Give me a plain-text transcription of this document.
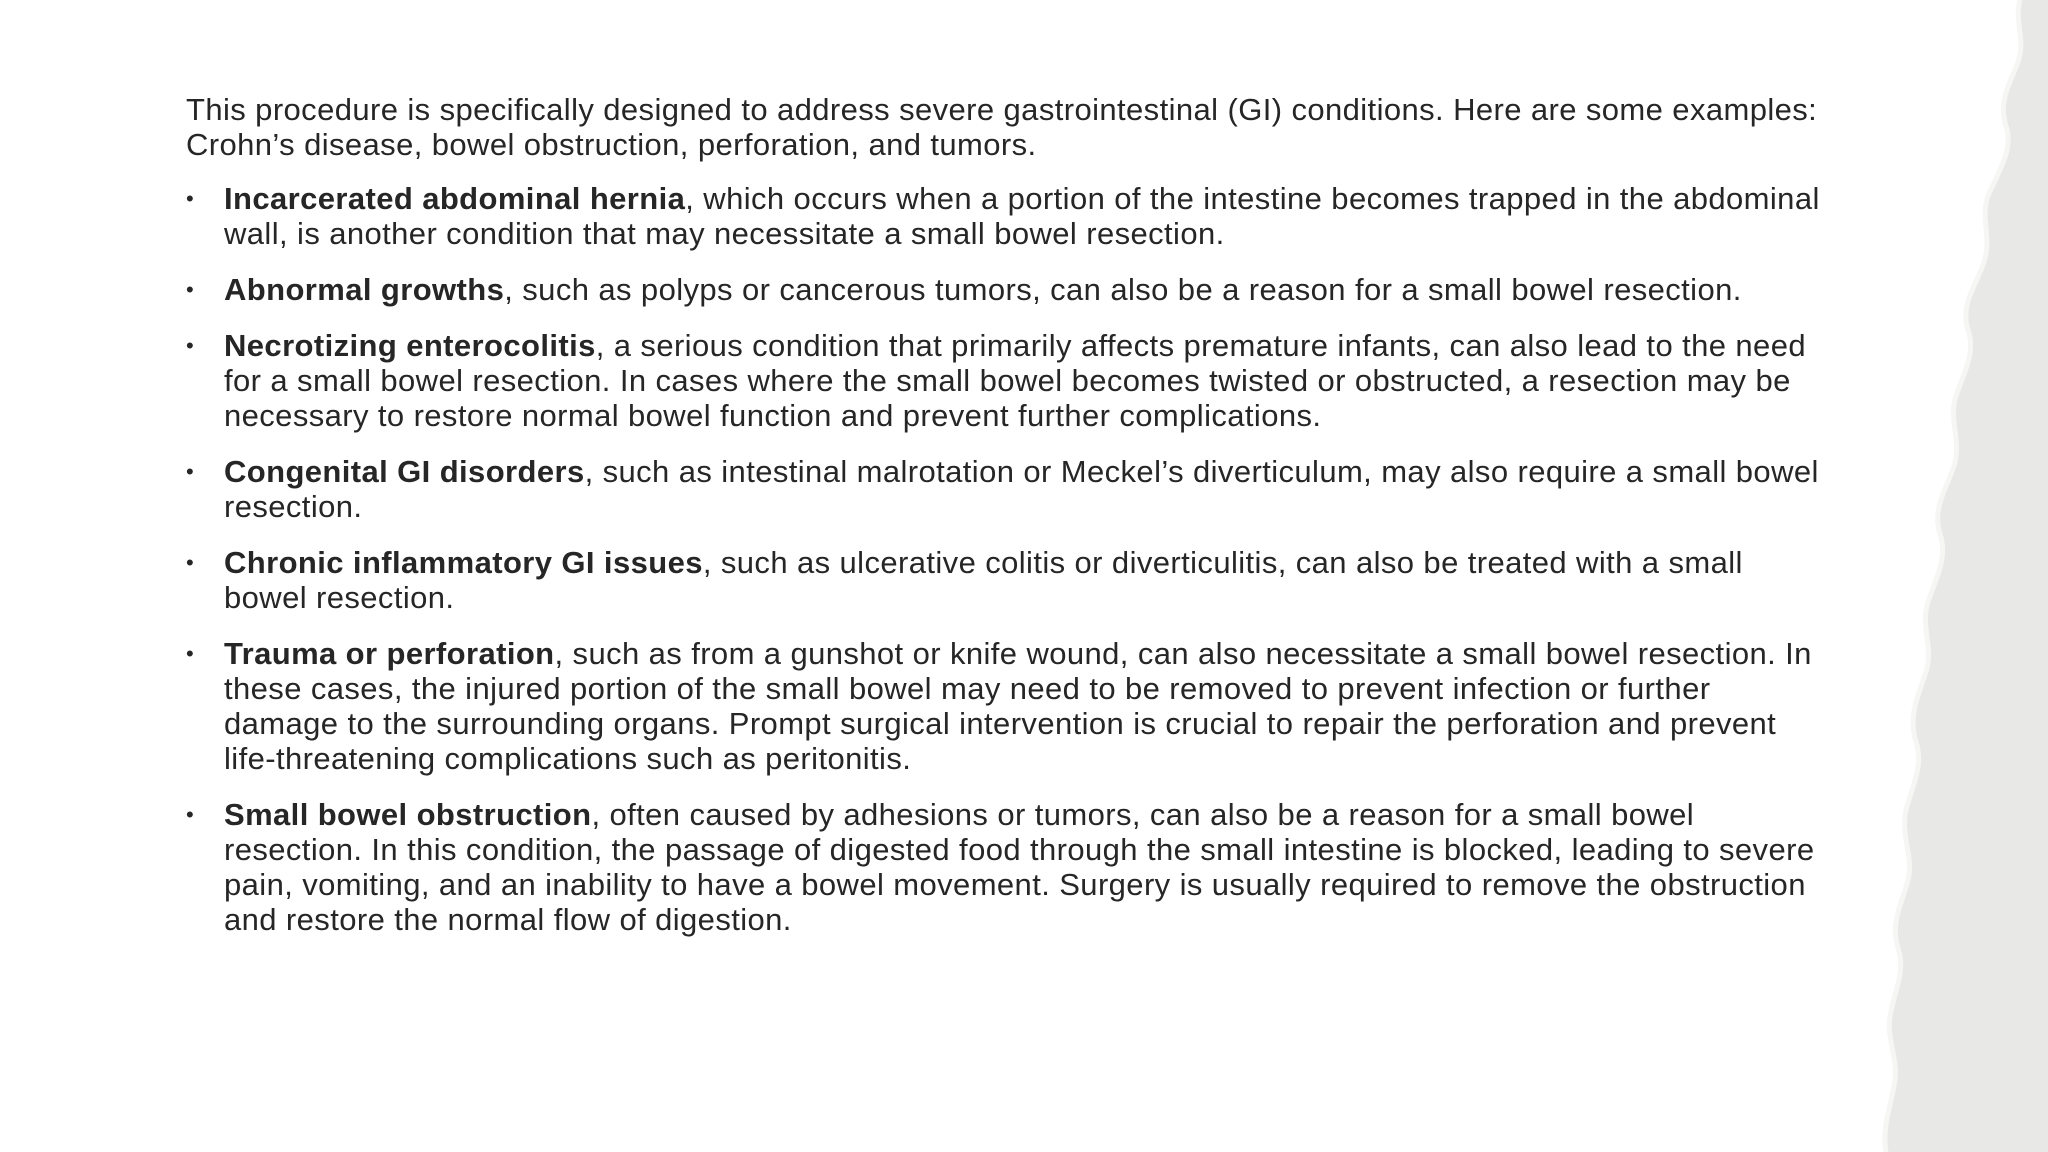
This procedure is specifically designed to address severe gastrointestinal (GI) conditions. Here are some examples: Crohn’s disease, bowel obstruction, perforation, and tumors.

• Incarcerated abdominal hernia, which occurs when a portion of the intestine becomes trapped in the abdominal wall, is another condition that may necessitate a small bowel resection.
• Abnormal growths, such as polyps or cancerous tumors, can also be a reason for a small bowel resection.
• Necrotizing enterocolitis, a serious condition that primarily affects premature infants, can also lead to the need for a small bowel resection. In cases where the small bowel becomes twisted or obstructed, a resection may be necessary to restore normal bowel function and prevent further complications.
• Congenital GI disorders, such as intestinal malrotation or Meckel’s diverticulum, may also require a small bowel resection.
• Chronic inflammatory GI issues, such as ulcerative colitis or diverticulitis, can also be treated with a small bowel resection.
• Trauma or perforation, such as from a gunshot or knife wound, can also necessitate a small bowel resection. In these cases, the injured portion of the small bowel may need to be removed to prevent infection or further damage to the surrounding organs. Prompt surgical intervention is crucial to repair the perforation and prevent life-threatening complications such as peritonitis.
• Small bowel obstruction, often caused by adhesions or tumors, can also be a reason for a small bowel resection. In this condition, the passage of digested food through the small intestine is blocked, leading to severe pain, vomiting, and an inability to have a bowel movement. Surgery is usually required to remove the obstruction and restore the normal flow of digestion.
